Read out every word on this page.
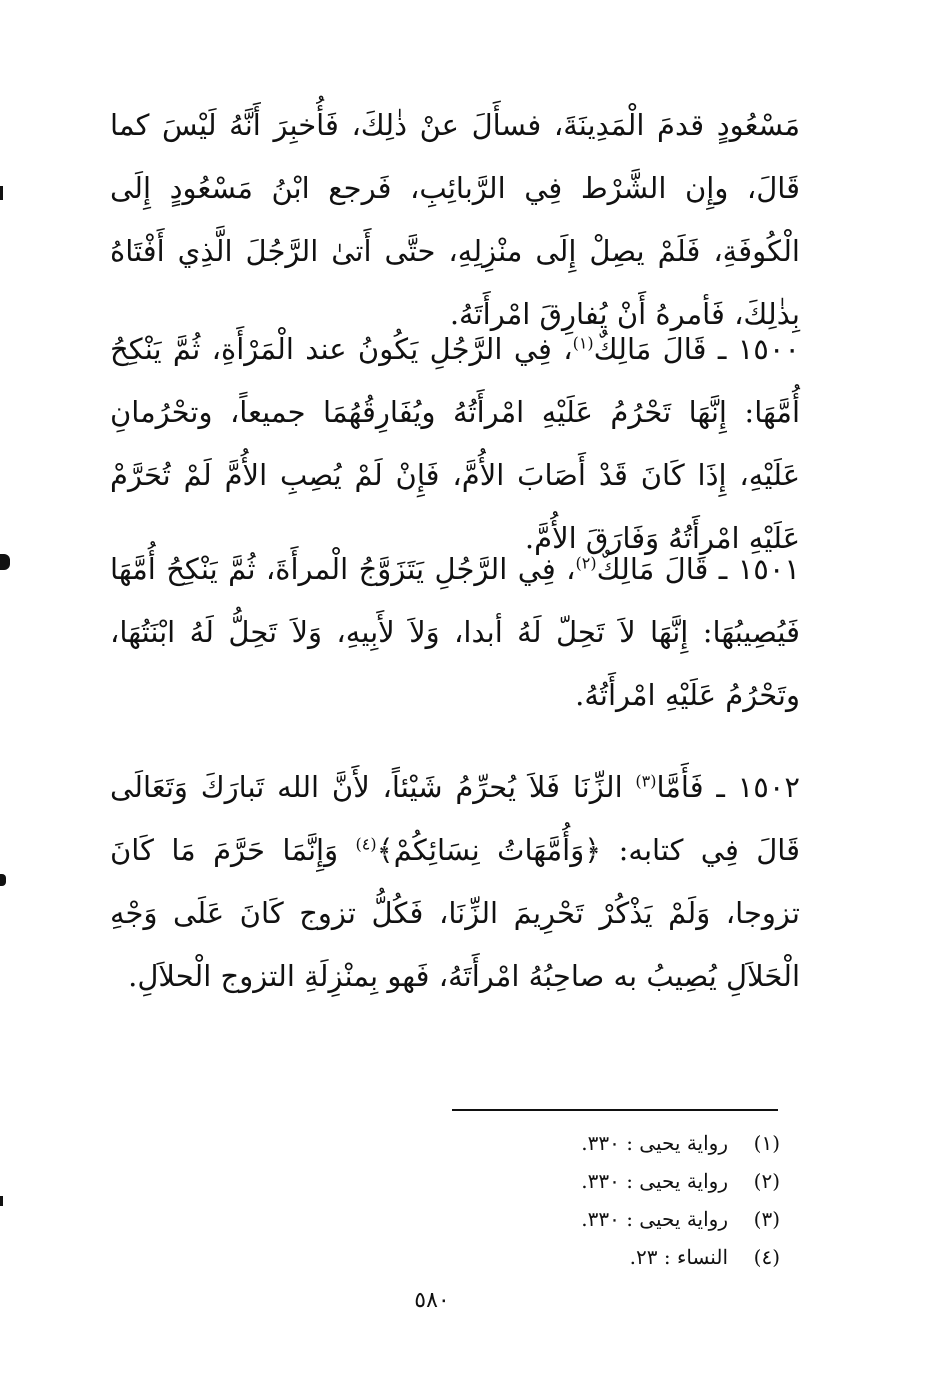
مَسْعُودٍ قدمَ الْمَدِينَةَ، فسأَلَ عنْ ذٰلِكَ، فَأُخبِرَ أَنَّهُ لَيْسَ كما قَالَ، وإِن الشَّرْط فِي الرَّبائِبِ، فَرجع ابْنُ مَسْعُودٍ إِلَى الْكُوفَةِ، فَلَمْ يصِلْ إِلَى منْزِلِهِ، حتَّى أَتىٰ الرَّجُلَ الَّذِي أَفْتَاهُ بِذٰلِكَ، فَأمرهُ أَنْ يُفارِقَ امْرأَتَهُ.

١٥٠٠ ـ قَالَ مَالِكٌ$^{(١)}$، فِي الرَّجُلِ يَكُونُ عند الْمَرْأَةِ، ثُمَّ يَنْكِحُ أُمَّهَا: إِنَّهَا تَحْرُمُ عَلَيْهِ امْرأَتُهُ ويُفَارِقُهُمَا جميعاً، وتحْرُمانِ عَلَيْهِ، إِذَا كَانَ قَدْ أَصَابَ الأُمَّ، فَإِنْ لَمْ يُصِبِ الأُمَّ لَمْ تُحَرَّمْ عَلَيْهِ امْرأَتُهُ وَفَارَقَ الأُمَّ.

١٥٠١ ـ قَالَ مَالِكٌ$^{(٢)}$، فِي الرَّجُلِ يَتَزَوَّجُ الْمرأَةَ، ثُمَّ يَنْكِحُ أُمَّهَا فَيُصِيبُهَا: إِنَّهَا لاَ تَحِلّ لَهُ أبدا، وَلاَ لأَبِيهِ، وَلاَ تَحِلُّ لَهُ ابْنَتُهَا، وتَحْرُمُ عَلَيْهِ امْرأَتُهُ.

١٥٠٢ ـ فَأَمَّا$^{(٣)}$ الزِّنَا فَلاَ يُحرِّمُ شَيْئاً، لأَنَّ الله تَبارَكَ وَتَعَالَى قَالَ فِي كتابه: ﴿وَأُمَّهَاتُ نِسَائِكُمْ﴾$^{(٤)}$ وَإِنَّمَا حَرَّمَ مَا كَانَ تزوجا، وَلَمْ يَذْكُرْ تَحْرِيمَ الزِّنَا، فَكُلُّ تزوج كَانَ عَلَى وَجْهِ الْحَلاَلِ يُصِيبُ به صاحِبُهُ امْرأَتَهُ، فَهو بِمنْزِلَةِ التزوج الْحلاَلِ.

(١)رواية يحيى : ٣٣٠.
(٢)رواية يحيى : ٣٣٠.
(٣)رواية يحيى : ٣٣٠.
(٤)النساء : ٢٣.
٥٨٠
